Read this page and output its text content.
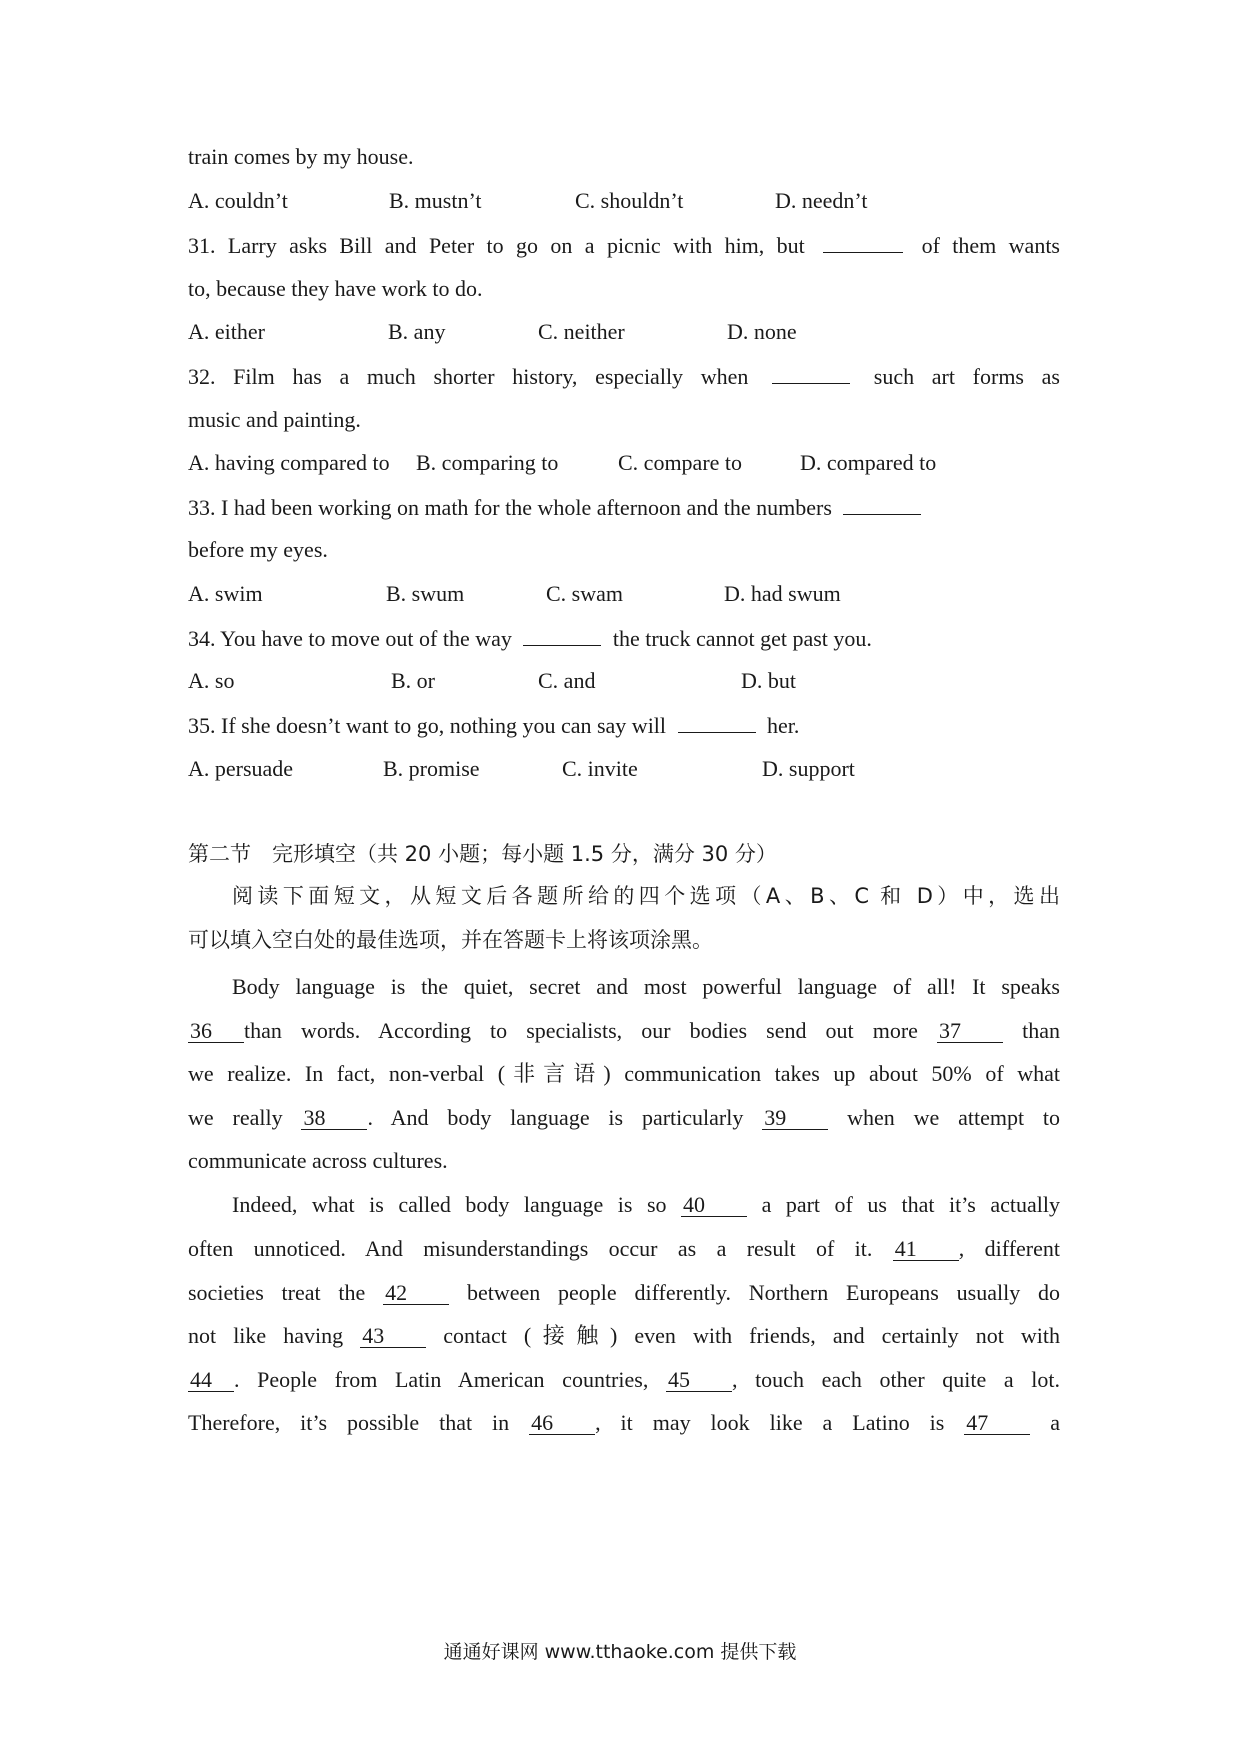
train comes by my house.
A. couldn’t	B. mustn’t	C. shouldn’t	D. needn’t
31. Larry asks Bill and Peter to go on a picnic with him, but	of them wants
to, because they have work to do.
A. either	B. any	C. neither	D. none
32. Film has a much shorter history, especially when	such art forms as
music and painting.
A. having compared to B. comparing to	C. compare to	D. compared to
33. I had been working on math for the whole afternoon and the numbers
before my eyes.
A. swim	B. swum	C. swam	D. had swum
34. You have to move out of the way	the truck cannot get past you.
A. so	B. or	C. and	D. but
35. If she doesn’t want to go, nothing you can say will	her.
A. persuade	B. promise	C. invite	D. support
第二节　完形填空（共 20 小题；每小题 1.5 分，满分 30 分）
阅读下面短文，从短文后各题所给的四个选项（A、B、C 和 D）中，选出
可以填入空白处的最佳选项，并在答题卡上将该项涂黑。
Body language is the quiet, secret and most powerful language of all! It speaks
36 than words. According to specialists, our bodies send out more 37	than
we realize. In fact, non-verbal (非言语) communication takes up about 50% of what
we really 38 . And body language is particularly 39	when we attempt to
communicate across cultures.
Indeed, what is called body language is so 40	a part of us that it’s actually
often unnoticed. And misunderstandings occur as a result of it. 41 , different
societies treat the 42	between people differently. Northern Europeans usually do
not like having 43	contact (接触) even with friends, and certainly not with
44 . People from Latin American countries, 45 , touch each other quite a lot.
Therefore, it’s possible that in 46 , it may look like a Latino is 47	a
通通好课网 www.tthaoke.com 提供下载
